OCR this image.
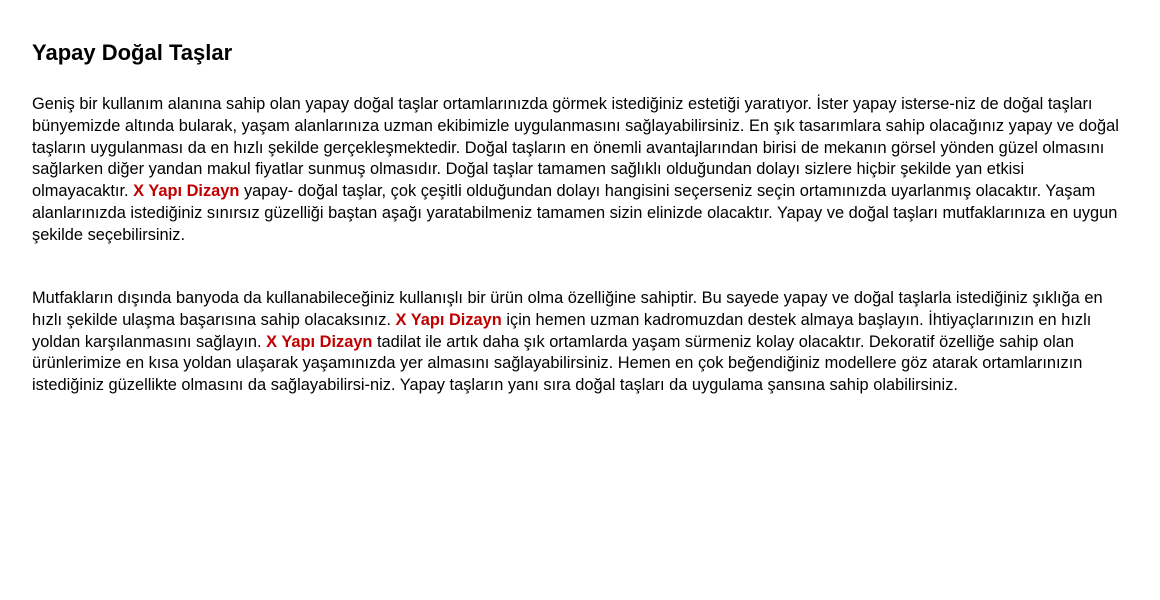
Yapay Doğal Taşlar

Geniş bir kullanım alanına sahip olan yapay doğal taşlar ortamlarınızda görmek istediğiniz estetiği yaratıyor. İster yapay isterse-niz de doğal taşları bünyemizde altında bularak, yaşam alanlarınıza uzman ekibimizle uygulanmasını sağlayabilirsiniz. En şık tasarımlara sahip olacağınız yapay ve doğal taşların uygulanması da en hızlı şekilde gerçekleşmektedir. Doğal taşların en önemli avantajlarından birisi de mekanın görsel yönden güzel olmasını sağlarken diğer yandan makul fiyatlar sunmuş olmasıdır. Doğal taşlar tamamen sağlıklı olduğundan dolayı sizlere hiçbir şekilde yan etkisi olmayacaktır. X Yapı Dizayn yapay- doğal taşlar, çok çeşitli olduğundan dolayı hangisini seçerseniz seçin ortamınızda uyarlanmış olacaktır. Yaşam alanlarınızda istediğiniz sınırsız güzelliği baştan aşağı yaratabilmeniz tamamen sizin elinizde olacaktır. Yapay ve doğal taşları mutfaklarınıza en uygun şekilde seçebilirsiniz.

Mutfakların dışında banyoda da kullanabileceğiniz kullanışlı bir ürün olma özelliğine sahiptir. Bu sayede yapay ve doğal taşlarla istediğiniz şıklığa en hızlı şekilde ulaşma başarısına sahip olacaksınız. X Yapı Dizayn için hemen uzman kadromuzdan destek almaya başlayın. İhtiyaçlarınızın en hızlı yoldan karşılanmasını sağlayın. X Yapı Dizayn tadilat ile artık daha şık ortamlarda yaşam sürmeniz kolay olacaktır. Dekoratif özelliğe sahip olan ürünlerimize en kısa yoldan ulaşarak yaşamınızda yer almasını sağlayabilirsiniz. Hemen en çok beğendiğiniz modellere göz atarak ortamlarınızın istediğiniz güzellikte olmasını da sağlayabilirsi-niz. Yapay taşların yanı sıra doğal taşları da uygulama şansına sahip olabilirsiniz.
